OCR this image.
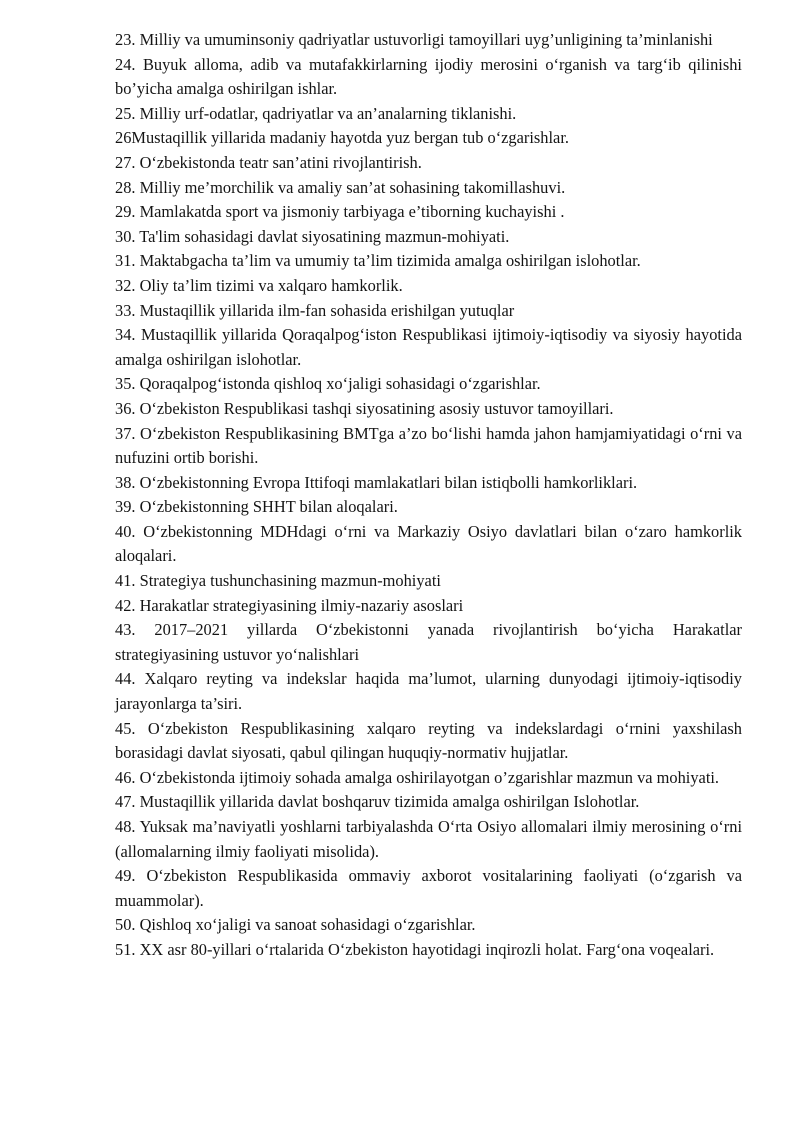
23. Milliy va umuminsoniy qadriyatlar ustuvorligi tamoyillari uyg’unligining ta’minlanishi

24. Buyuk alloma, adib va mutafakkirlarning ijodiy merosini o‘rganish va targ‘ib qilinishi bo’yicha amalga oshirilgan ishlar.

25. Milliy urf-odatlar, qadriyatlar va an’analarning tiklanishi.

26Mustaqillik yillarida madaniy hayotda yuz bergan tub o‘zgarishlar.

27. O‘zbekistonda teatr san’atini rivojlantirish.

28. Milliy me’morchilik va amaliy san’at sohasining takomillashuvi.

29. Mamlakatda sport va jismoniy tarbiyaga e’tiborning kuchayishi .

30. Ta'lim sohasidagi davlat siyosatining mazmun-mohiyati.

31. Maktabgacha ta’lim va umumiy ta’lim tizimida amalga oshirilgan islohotlar.

32. Oliy ta’lim tizimi va xalqaro hamkorlik.

33. Mustaqillik yillarida ilm-fan sohasida erishilgan yutuqlar

34. Mustaqillik yillarida Qoraqalpog‘iston Respublikasi ijtimoiy-iqtisodiy va siyosiy hayotida amalga oshirilgan islohotlar.

35. Qoraqalpog‘istonda qishloq xo‘jaligi sohasidagi o‘zgarishlar.

36. O‘zbekiston Respublikasi tashqi siyosatining asosiy ustuvor tamoyillari.

37. O‘zbekiston Respublikasining BMTga a’zo bo‘lishi hamda jahon hamjamiyatidagi o‘rni va nufuzini ortib borishi.

38. O‘zbekistonning Evropa Ittifoqi mamlakatlari bilan istiqbolli hamkorliklari.

39. O‘zbekistonning SHHT bilan aloqalari.

40. O‘zbekistonning MDHdagi o‘rni va Markaziy Osiyo davlatlari bilan o‘zaro hamkorlik aloqalari.

41. Strategiya tushunchasining mazmun-mohiyati

42. Harakatlar strategiyasining ilmiy-nazariy asoslari

43. 2017–2021 yillarda O‘zbekistonni yanada rivojlantirish bo‘yicha Harakatlar strategiyasining ustuvor yo‘nalishlari

44. Xalqaro reyting va indekslar haqida ma’lumot, ularning dunyodagi ijtimoiy-iqtisodiy jarayonlarga ta’siri.

45. O‘zbekiston Respublikasining xalqaro reyting va indekslardagi o‘rnini yaxshilash borasidagi davlat siyosati, qabul qilingan huquqiy-normativ hujjatlar.

46. O‘zbekistonda ijtimoiy sohada amalga oshirilayotgan o’zgarishlar mazmun va mohiyati.

47. Mustaqillik yillarida davlat boshqaruv tizimida amalga oshirilgan Islohotlar.

48. Yuksak ma’naviyatli yoshlarni tarbiyalashda O‘rta Osiyo allomalari ilmiy merosining o‘rni (allomalarning ilmiy faoliyati misolida).

49. O‘zbekiston Respublikasida ommaviy axborot vositalarining faoliyati (o‘zgarish va muammolar).

50. Qishloq xo‘jaligi va sanoat sohasidagi o‘zgarishlar.

51. XX asr 80-yillari o‘rtalarida O‘zbekiston hayotidagi inqirozli holat. Farg‘ona voqealari.
